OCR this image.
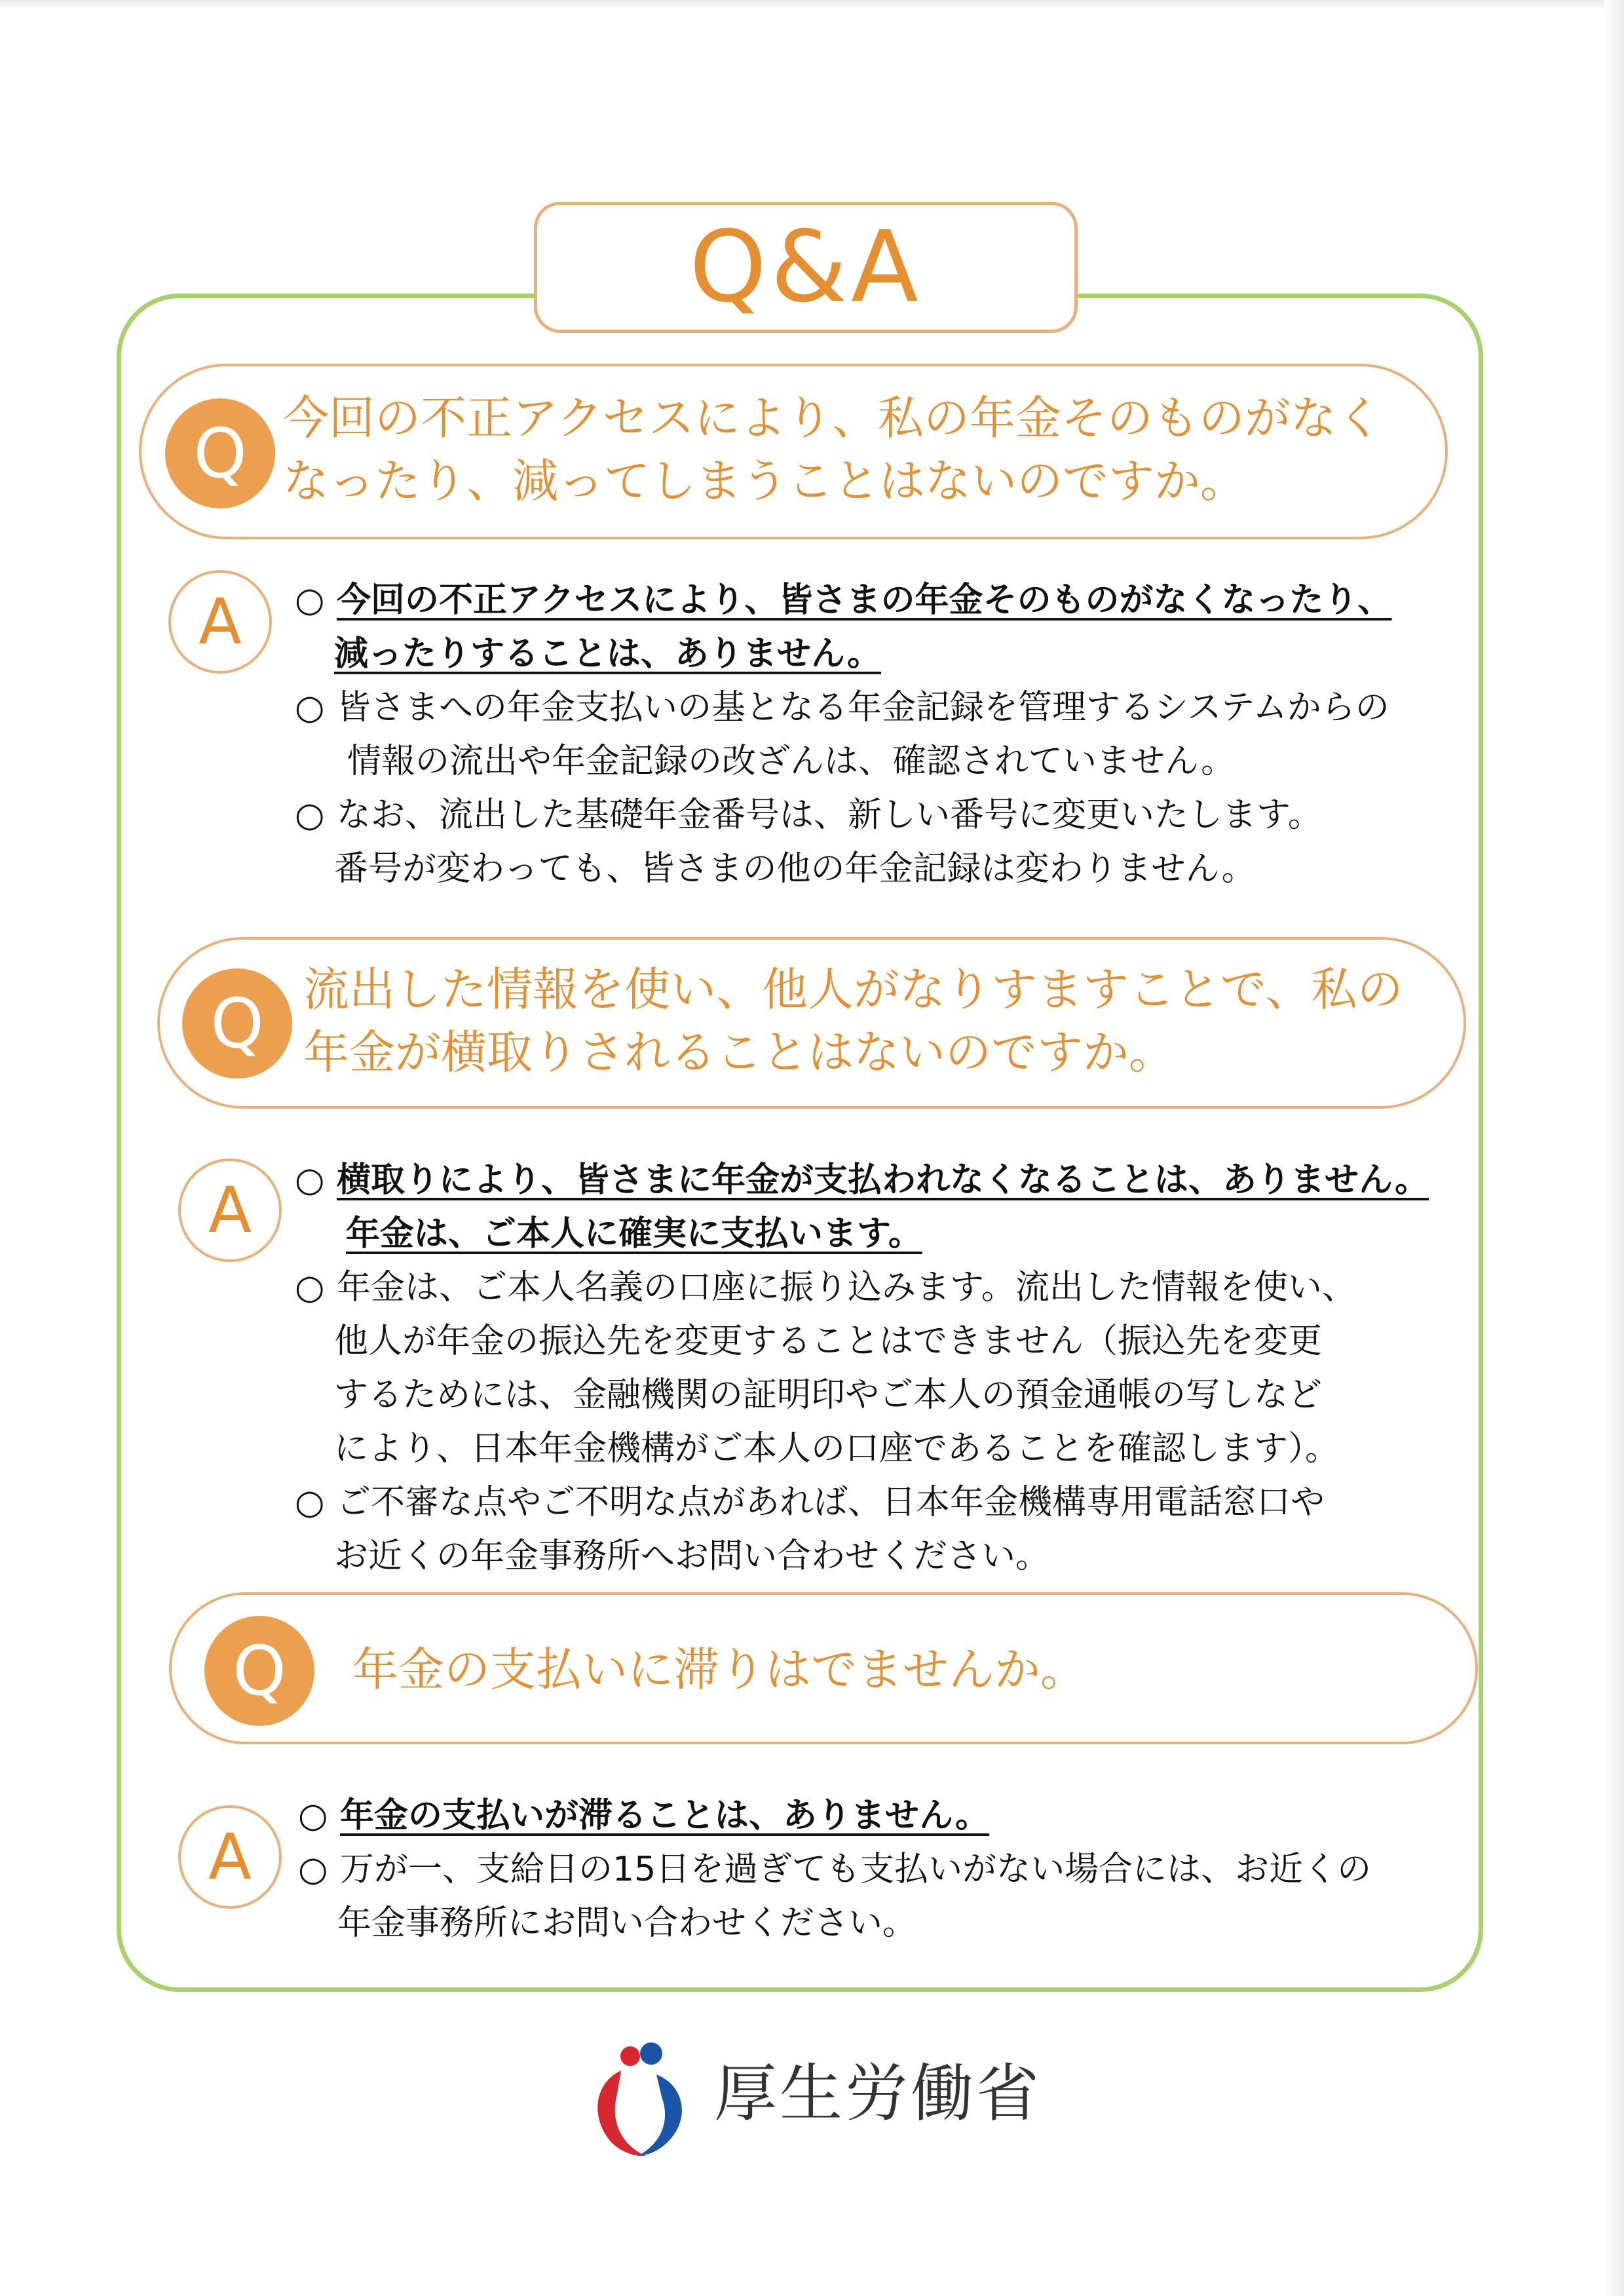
Q&A
Q 今回の不正アクセスにより、私の年金そのものがなく
なったり、減ってしまうことはないのですか。

A	○ 今回の不正アクセスにより、皆さまの年金そのものがなくなったり、
減ったりすることは、ありません。
○ 皆さまへの年金支払いの基となる年金記録を管理するシステムからの
情報の流出や年金記録の改ざんは、確認されていません。
○ なお、流出した基礎年金番号は、新しい番号に変更いたします。
番号が変わっても、皆さまの他の年金記録は変わりません。
Q 流出した情報を使い、他人がなりすますことで、私の
年金が横取りされることはないのですか。

A	○ 横取りにより、皆さまに年金が支払われなくなることは、ありません。
年金は、ご本人に確実に支払います。
○ 年金は、ご本人名義の口座に振り込みます。流出した情報を使い、
他人が年金の振込先を変更することはできません（振込先を変更
するためには、金融機関の証明印やご本人の預金通帳の写しなど
により、日本年金機構がご本人の口座であることを確認します）。
○ ご不審な点やご不明な点があれば、日本年金機構専用電話窓口や
お近くの年金事務所へお問い合わせください。
Q	年金の支払いに滞りはでませんか。

A
○ 年金の支払いが滞ることは、ありません。
○ 万が一、支給日の15日を過ぎても支払いがない場合には、お近くの
年金事務所にお問い合わせください。
厚生労働省
